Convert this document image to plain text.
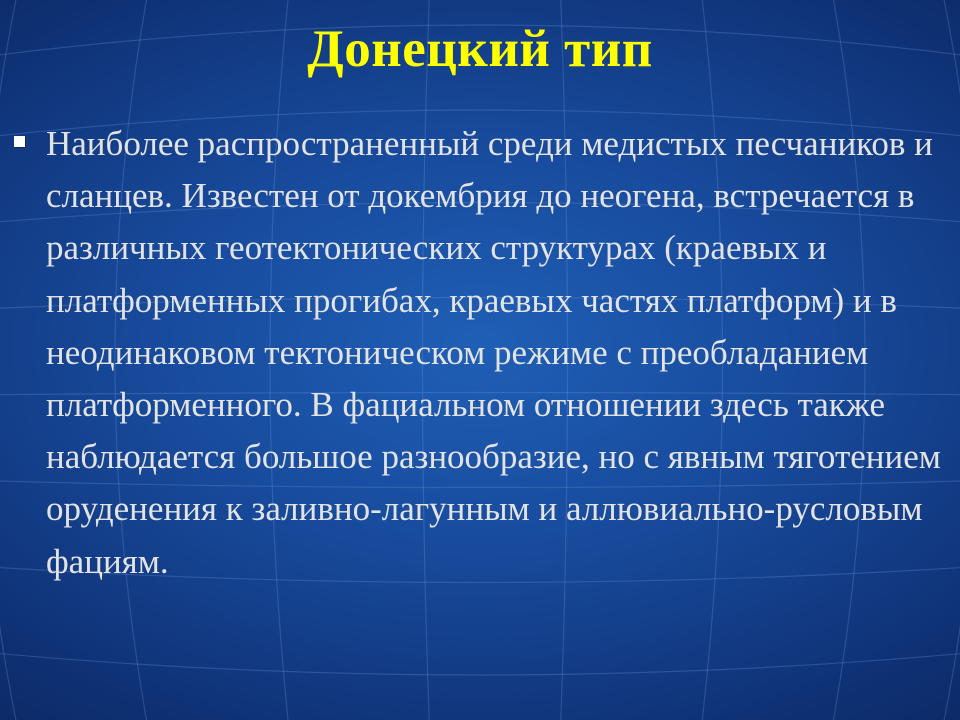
Донецкий тип

Наиболее распространенный среди медистых песчаников и сланцев. Известен от докембрия до неогена, встречается в различных геотектонических структурах (краевых и платформенных прогибах, краевых частях платформ) и в неодинаковом тектоническом режиме с преобладанием платформенного. В фациальном отношении здесь также наблюдается большое разнообразие, но с явным тяготением оруденения к заливно-лагунным и аллювиально-русловым фациям.
